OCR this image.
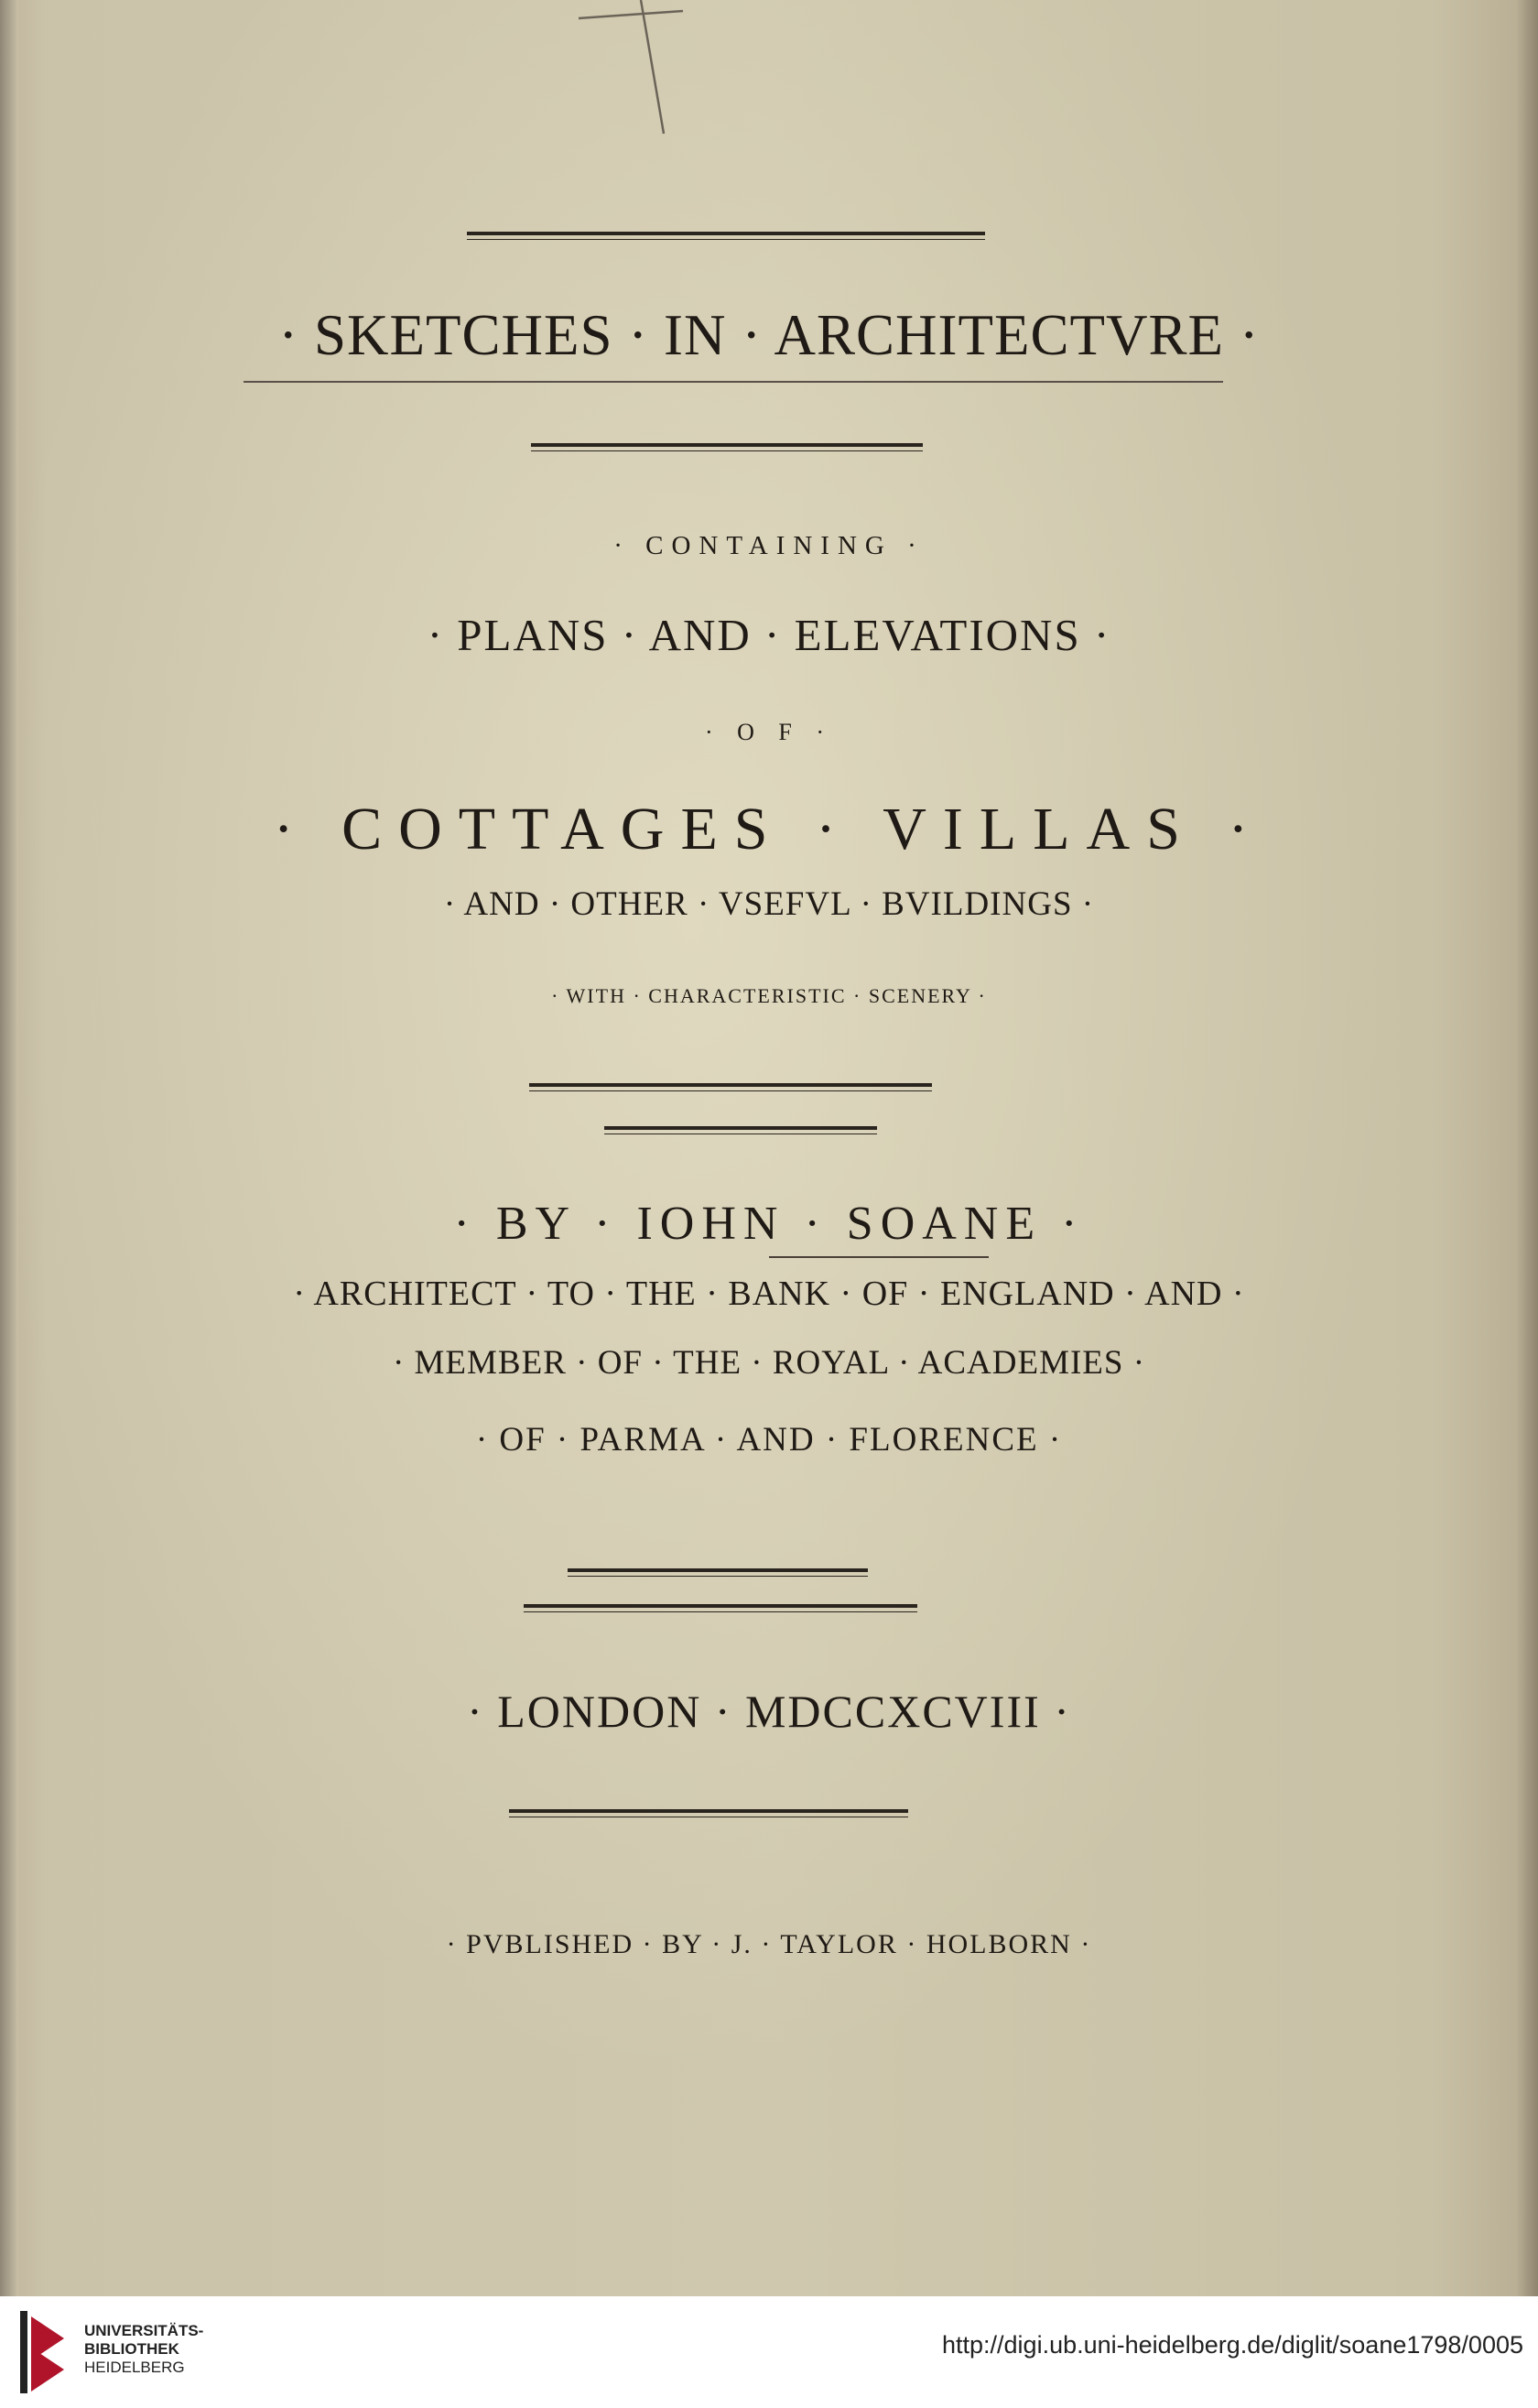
· SKETCHES · IN · ARCHITECTVRE ·
· CONTAINING ·
· PLANS · AND · ELEVATIONS ·
· O F ·
· COTTAGES · VILLAS ·
· AND · OTHER · VSEFVL · BVILDINGS ·
· WITH · CHARACTERISTIC · SCENERY ·
· BY · IOHN · SOANE ·
· ARCHITECT · TO · THE · BANK · OF · ENGLAND · AND ·
· MEMBER · OF · THE · ROYAL · ACADEMIES ·
· OF · PARMA · AND · FLORENCE ·
· LONDON · MDCCXCVIII ·
· PVBLISHED · BY · J. · TAYLOR · HOLBORN ·
UNIVERSITÄTS-
BIBLIOTHEK
HEIDELBERG
http://digi.ub.uni-heidelberg.de/diglit/soane1798/0005
